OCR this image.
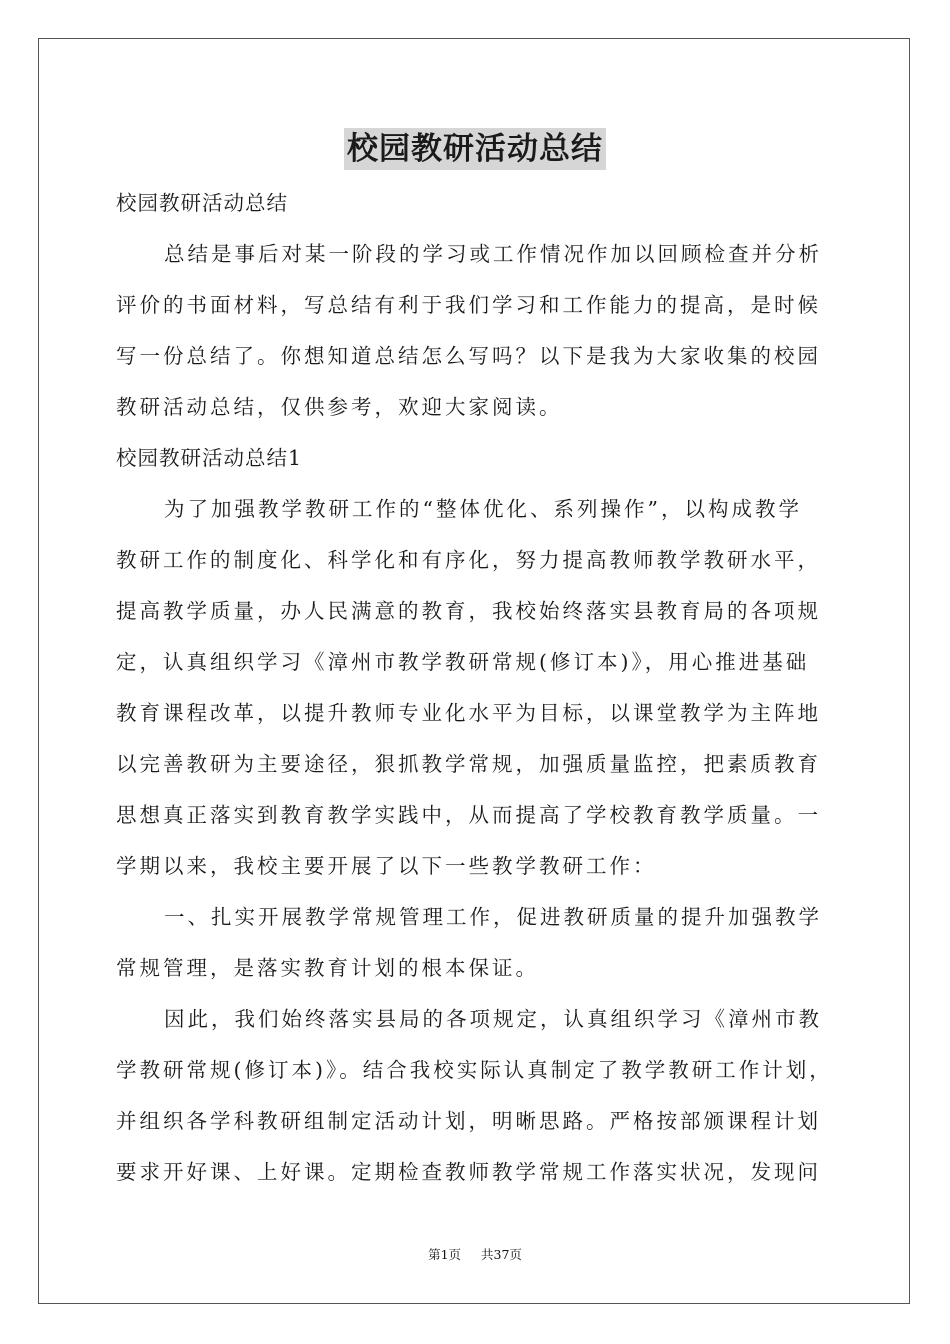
校园教研活动总结
校园教研活动总结
总结是事后对某一阶段的学习或工作情况作加以回顾检查并分析
评价的书面材料，写总结有利于我们学习和工作能力的提高，是时候
写一份总结了。你想知道总结怎么写吗？以下是我为大家收集的校园
教研活动总结，仅供参考，欢迎大家阅读。
校园教研活动总结1
为了加强教学教研工作的“整体优化、系列操作”，以构成教学
教研工作的制度化、科学化和有序化，努力提高教师教学教研水平，
提高教学质量，办人民满意的教育，我校始终落实县教育局的各项规
定，认真组织学习《漳州市教学教研常规(修订本)》，用心推进基础
教育课程改革，以提升教师专业化水平为目标，以课堂教学为主阵地
以完善教研为主要途径，狠抓教学常规，加强质量监控，把素质教育
思想真正落实到教育教学实践中，从而提高了学校教育教学质量。一
学期以来，我校主要开展了以下一些教学教研工作：
一、扎实开展教学常规管理工作，促进教研质量的提升加强教学
常规管理，是落实教育计划的根本保证。
因此，我们始终落实县局的各项规定，认真组织学习《漳州市教
学教研常规(修订本)》。结合我校实际认真制定了教学教研工作计划，
并组织各学科教研组制定活动计划，明晰思路。严格按部颁课程计划
要求开好课、上好课。定期检查教师教学常规工作落实状况，发现问
第1页 共37页
